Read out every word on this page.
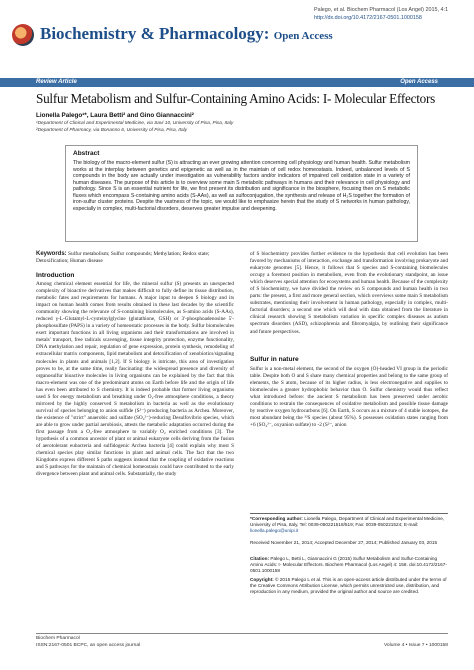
Biochemistry & Pharmacology: Open Access
Palego, et al. Biochem Pharmacol (Los Angel) 2015, 4:1
http://dx.doi.org/10.4172/2167-0501.1000158
Review Article	Open Access
Sulfur Metabolism and Sulfur-Containing Amino Acids: I- Molecular Effectors
Lionella Palego¹*, Laura Betti² and Gino Giannaccini²
¹Department of Clinical and Experimental Medicine, via Savi 10, University of Pisa, Pisa, Italy
²Department of Pharmacy, via Bonanno 6, University of Pisa, Pisa, Italy
Abstract
The biology of the macro-element sulfur (S) is attracting an ever growing attention concerning cell physiology and human health. Sulfur metabolism works at the interplay between genetics and epigenetic as well as in the maintain of cell redox homeostasis. Indeed, unbalanced levels of S compounds in the body are actually under investigation as vulnerability factors and/or indicators of impaired cell oxidation state in a variety of human diseases. The purpose of this article is to overview some main S metabolic pathways in humans and their relevance in cell physiology and pathology. Since S is an essential nutrient for life, we first present its distribution and significance in the biosphere, focusing then on S metabolic fluxes which encompass S-containing amino acids (S-AAs), as well as sulfoconjugation, the synthesis and release of H₂S together the formation of iron-sulfur cluster proteins. Despite the vastness of the topic, we would like to emphasize herein that the study of S networks in human pathology, especially in complex, multi-factorial disorders, deserves greater impulse and deepening.
Keywords: Sulfur metabolism; Sulfur compounds; Methylation; Redox state; Detoxification; Human disease
Introduction
Among chemical element essential for life, the mineral sulfur (S) presents an unexpected complexity of bioactive derivatives that makes difficult to fully define its tissue distribution, metabolic fates and requirements for humans. A major input to deepen S biology and its impact on human health comes from results obtained in these last decades by the scientific community showing the relevance of S-containing biomolecules, as S-amino acids (S-AAs), reduced γ-L-Glutamyl-L-cysteinylglycine (glutathione, GSH) or 3'-phosphoadenosine 5'-phosphosulfate (PAPS) in a variety of homeostatic processes in the body. Sulfur biomolecules exert important functions in all living organisms and their transformations are involved in metals' transport, free radicals scavenging, tissue integrity protection, enzyme functionality, DNA methylation and repair, regulation of gene expression, protein synthesis, remodeling of extracellular matrix components, lipid metabolism and detoxification of xenobiotics/signaling molecules in plants and animals [1,2]. If S biology is intricate, this area of investigation proves to be, at the same time, really fascinating: the widespread presence and diversity of organosulfur bioactive molecules in living organisms can be explained by the fact that this macro-element was one of the predominant atoms on Earth before life and the origin of life has even been attributed to S chemistry. It is indeed probable that former living organisms used S for energy metabolism and breathing under O₂-free atmosphere conditions, a theory mirrored by the highly conserved S metabolism in bacteria as well as the evolutionary survival of species belonging to anion sulfide (S²⁻) producing bacteria as Archea. Moreover, the existence of "strict" anaerobic and sulfate (SO₄²⁻)-reducing Desulfovibrio species, which are able to grow under partial aerobiosis, attests the metabolic adaptation occurred during the first passage from a O₂-free atmosphere to variably O₂ enriched conditions [3]. The hypothesis of a common ancestor of plant or animal eukaryote cells deriving from the fusion of aerotolerant eubacteria and sulfidogenic Archea bacteria [4] could explain why most S chemical species play similar functions in plant and animal cells. The fact that the two Kingdoms express different S paths suggests instead that the coupling of oxidative reactions and S pathways for the maintain of chemical homeostasis could have contributed to the early divergence between plant and animal cells. Substantially, the study
of S biochemistry provides further evidence to the hypothesis that cell evolution has been favored by mechanisms of interaction, exchange and transformation involving prokaryote and eukaryote genomes [5]. Hence, it follows that S species and S-containing biomolecules occupy a foremost position in metabolism, even from the evolutionary standpoint, an issue which deserves special attention for ecosystems and human health. Because of the complexity of S biochemistry, we have divided the review on S compounds and human health in two parts: the present, a first and more general section, which overviews some main S metabolism substrates, mentioning their involvement in human pathology, especially in complex, multi-factorial disorders; a second one which will deal with data obtained from the literature in clinical research showing S metabolism variation in specific complex diseases as autism spectrum disorders (ASD), schizophrenia and fibromyalgia, by outlining their significance and future perspectives.
Sulfur in nature
Sulfur is a non-metal element, the second of the oxygen (O)-headed VI group in the periodic table. Despite both O and S share many chemical properties and belong to the same group of elements, the S atom, because of its higher radius, is less electronegative and supplies to biomolecules a greater hydrophobic behavior than O. Sulfur chemistry would thus reflect what introduced before: the ancient S metabolism has been preserved under aerobic conditions to restrain the consequences of oxidative metabolism and possible tissue damage by reactive oxygen hydrocarbons [6]. On Earth, S occurs as a mixture of 4 stable isotopes, the most abundant being the ³²S species (about 95%). S possesses oxidation states ranging from +6 (SO₄²⁻, oxyanion sulfate) to -2 (S²⁻, anion
*Corresponding author: Lionella Palego, Department of Clinical and Experimental Medicine, University of Pisa, Italy, Tel: 0039-050221518/519; Fax: 0039-050221524; E-mail: lionella.palego@unipi.it
Received November 21, 2014; Accepted December 27, 2014; Published January 03, 2015
Citation: Palego L, Betti L, Giannaccini G (2015) Sulfur Metabolism and Sulfur-Containing Amino Acids: I- Molecular Effectors. Biochem Pharmacol (Los Angel) 4: 158. doi:10.4172/2167-0501.1000158
Copyright: © 2015 Palego L et al. This is an open-access article distributed under the terms of the Creative Commons Attribution License, which permits unrestricted use, distribution, and reproduction in any medium, provided the original author and source are credited.
Biochem Pharmacol
ISSN:2167-0501 BCPC, an open access journal	Volume 4 • Issue 7 • 1000158
